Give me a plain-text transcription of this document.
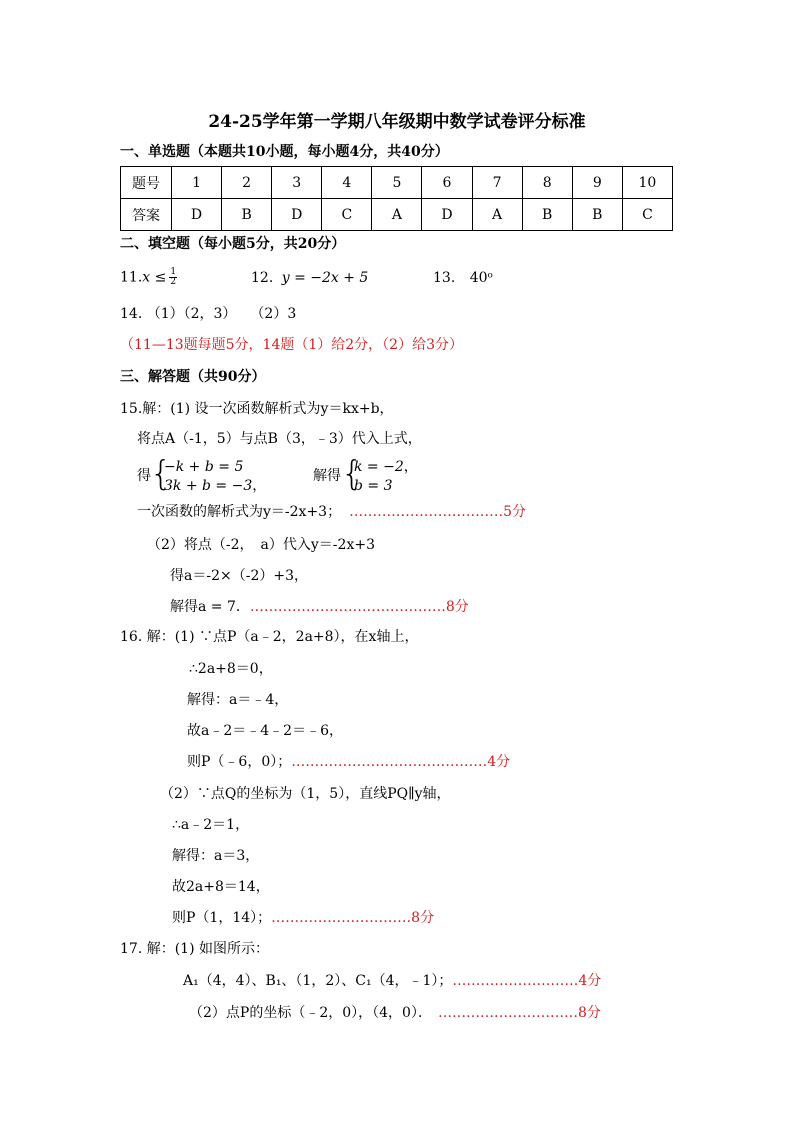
24-25学年第一学期八年级期中数学试卷评分标准
一、单选题（本题共10小题，每小题4分，共40分）
题号	1	2	3	4	5	6	7	8	9	10
答案	D	B	D	C	A	D	A	B	B	C
二、填空题（每小题5分，共20分）
$11.x \le \frac{1}{2}$	12. y = −2x + 5	13. 40ᵒ
14. （1）（2，3）　　（2）3
（11—13题每题5分，14题（1）给2分，（2）给3分）
三、解答题（共90分）
15.解：(1) 设一次函数解析式为y＝kx+b，
将点A（-1，5）与点B（3，﹣3）代入上式，
得 {
−k + b = 5
3k + b = −3，
解得 {
k = −2，
b = 3
一次函数的解析式为y＝-2x+3； ……………………………5分
（2）将点（-2，　a）代入y＝-2x+3
得a＝-2×（-2）+3，
解得a = 7．……………………………………8分
16. 解：(1) ∵点P（a﹣2，2a+8），在x轴上，
∴2a+8＝0，
解得：a＝﹣4，
故a﹣2＝﹣4﹣2＝﹣6，
则P（﹣6，0）；……………………………………4分
（2）∵点Q的坐标为（1，5），直线PQ∥y轴，
∴a﹣2＝1，
解得：a＝3，
故2a+8＝14，
则P（1，14）；…………………………8分
17. 解：(1) 如图所示：
A₁（4，4）、B₁、（1，2）、C₁（4，﹣1）；………………………4分
（2）点P的坐标（﹣2，0），（4，0）． …………………………8分
